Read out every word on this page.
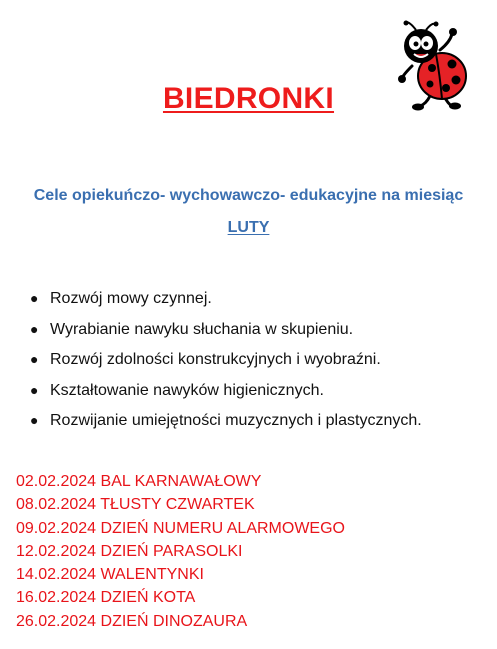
BIEDRONKI
Cele opiekuńczo- wychowawczo- edukacyjne na miesiąc
LUTY
● Rozwój mowy czynnej.
● Wyrabianie nawyku słuchania w skupieniu.
● Rozwój zdolności konstrukcyjnych i wyobraźni.
● Kształtowanie nawyków higienicznych.
● Rozwijanie umiejętności muzycznych i plastycznych.
02.02.2024 BAL KARNAWAŁOWY
08.02.2024 TŁUSTY CZWARTEK
09.02.2024 DZIEŃ NUMERU ALARMOWEGO
12.02.2024 DZIEŃ PARASOLKI
14.02.2024 WALENTYNKI
16.02.2024 DZIEŃ KOTA
26.02.2024 DZIEŃ DINOZAURA
